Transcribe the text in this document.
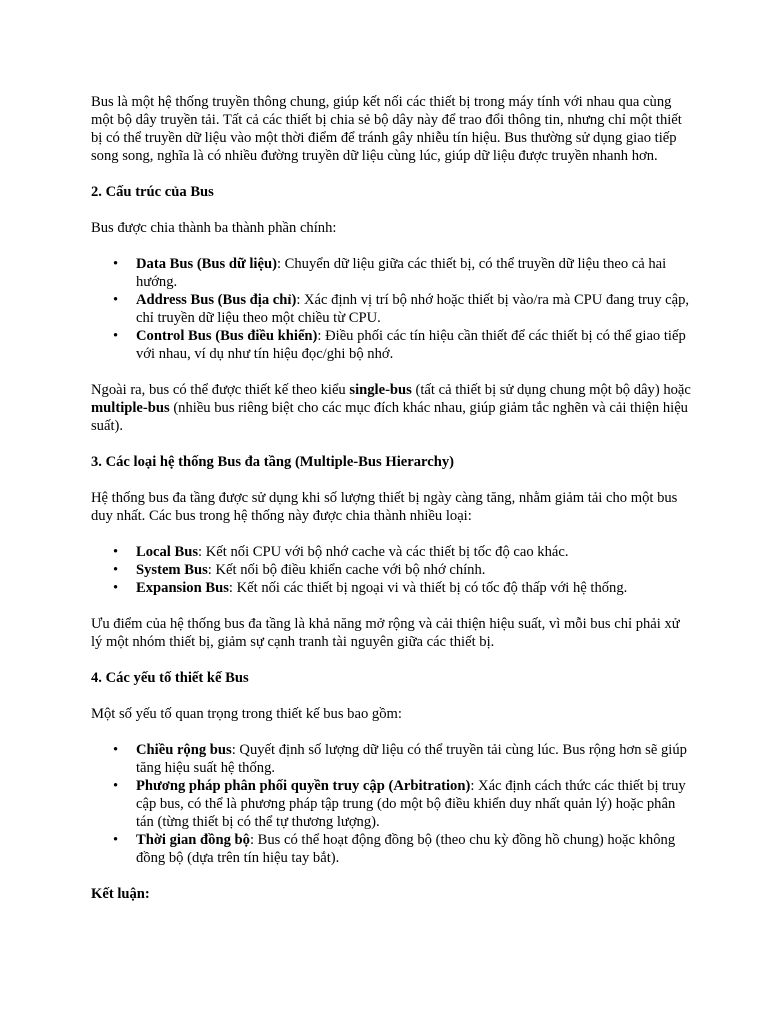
Bus là một hệ thống truyền thông chung, giúp kết nối các thiết bị trong máy tính với nhau qua cùng một bộ dây truyền tải. Tất cả các thiết bị chia sẻ bộ dây này để trao đổi thông tin, nhưng chỉ một thiết bị có thể truyền dữ liệu vào một thời điểm để tránh gây nhiễu tín hiệu. Bus thường sử dụng giao tiếp song song, nghĩa là có nhiều đường truyền dữ liệu cùng lúc, giúp dữ liệu được truyền nhanh hơn.

2. Cấu trúc của Bus

Bus được chia thành ba thành phần chính:

• Data Bus (Bus dữ liệu): Chuyển dữ liệu giữa các thiết bị, có thể truyền dữ liệu theo cả hai hướng.
• Address Bus (Bus địa chỉ): Xác định vị trí bộ nhớ hoặc thiết bị vào/ra mà CPU đang truy cập, chỉ truyền dữ liệu theo một chiều từ CPU.
• Control Bus (Bus điều khiển): Điều phối các tín hiệu cần thiết để các thiết bị có thể giao tiếp với nhau, ví dụ như tín hiệu đọc/ghi bộ nhớ.

Ngoài ra, bus có thể được thiết kế theo kiểu single-bus (tất cả thiết bị sử dụng chung một bộ dây) hoặc multiple-bus (nhiều bus riêng biệt cho các mục đích khác nhau, giúp giảm tắc nghẽn và cải thiện hiệu suất).

3. Các loại hệ thống Bus đa tầng (Multiple-Bus Hierarchy)

Hệ thống bus đa tầng được sử dụng khi số lượng thiết bị ngày càng tăng, nhằm giảm tải cho một bus duy nhất. Các bus trong hệ thống này được chia thành nhiều loại:

• Local Bus: Kết nối CPU với bộ nhớ cache và các thiết bị tốc độ cao khác.
• System Bus: Kết nối bộ điều khiển cache với bộ nhớ chính.
• Expansion Bus: Kết nối các thiết bị ngoại vi và thiết bị có tốc độ thấp với hệ thống.

Ưu điểm của hệ thống bus đa tầng là khả năng mở rộng và cải thiện hiệu suất, vì mỗi bus chỉ phải xử lý một nhóm thiết bị, giảm sự cạnh tranh tài nguyên giữa các thiết bị.

4. Các yếu tố thiết kế Bus

Một số yếu tố quan trọng trong thiết kế bus bao gồm:

• Chiều rộng bus: Quyết định số lượng dữ liệu có thể truyền tải cùng lúc. Bus rộng hơn sẽ giúp tăng hiệu suất hệ thống.
• Phương pháp phân phối quyền truy cập (Arbitration): Xác định cách thức các thiết bị truy cập bus, có thể là phương pháp tập trung (do một bộ điều khiển duy nhất quản lý) hoặc phân tán (từng thiết bị có thể tự thương lượng).
• Thời gian đồng bộ: Bus có thể hoạt động đồng bộ (theo chu kỳ đồng hồ chung) hoặc không đồng bộ (dựa trên tín hiệu tay bắt).

Kết luận:
